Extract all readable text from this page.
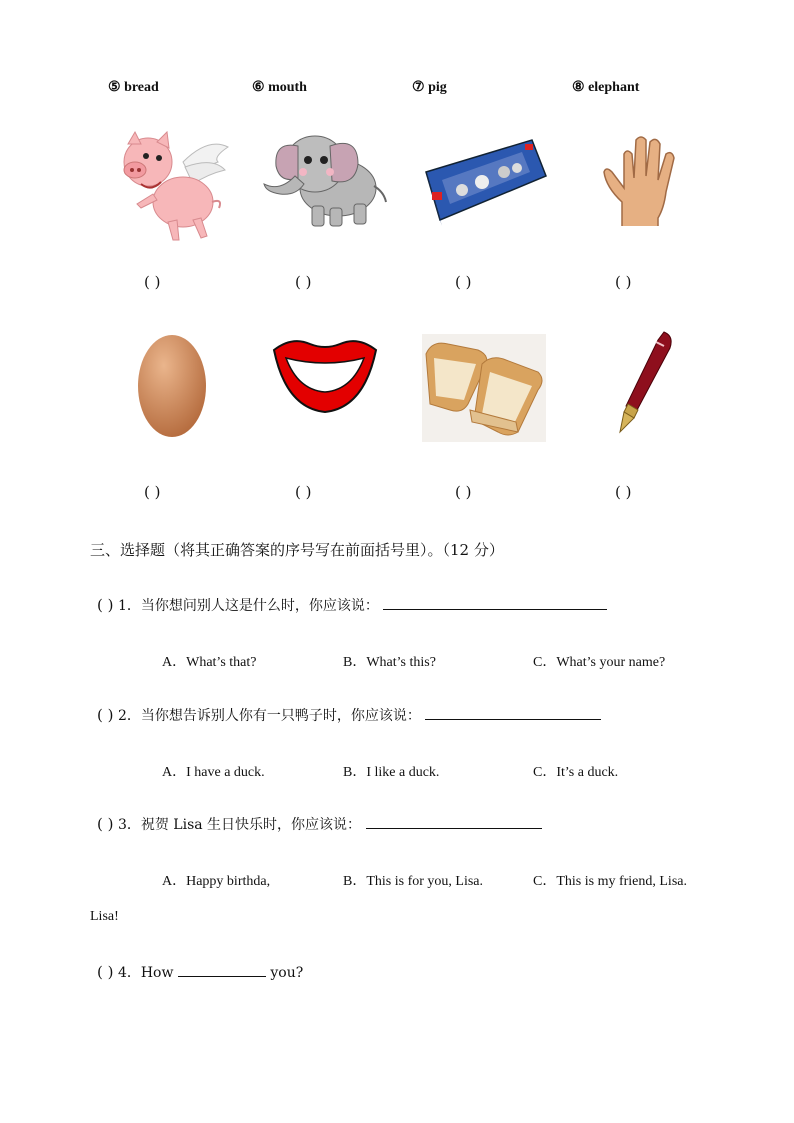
⑤ bread	⑥ mouth	⑦ pig	⑧ elephant
( )	( )	( )	( )
( )	( )	( )	( )
三、选择题（将其正确答案的序号写在前面括号里）。（12 分）
( ) 1．当你想问别人这是什么时，你应该说：
A．What’s that?	B．What’s this?	C．What’s your name?
( ) 2．当你想告诉别人你有一只鸭子时，你应该说：
A．I have a duck.	B．I like a duck.	C．It’s a duck.
( ) 3．祝贺 Lisa 生日快乐时，你应该说：
A．Happy birthda,	B．This is for you, Lisa.	C．This is my friend, Lisa.
Lisa!
( ) 4．How	you?
